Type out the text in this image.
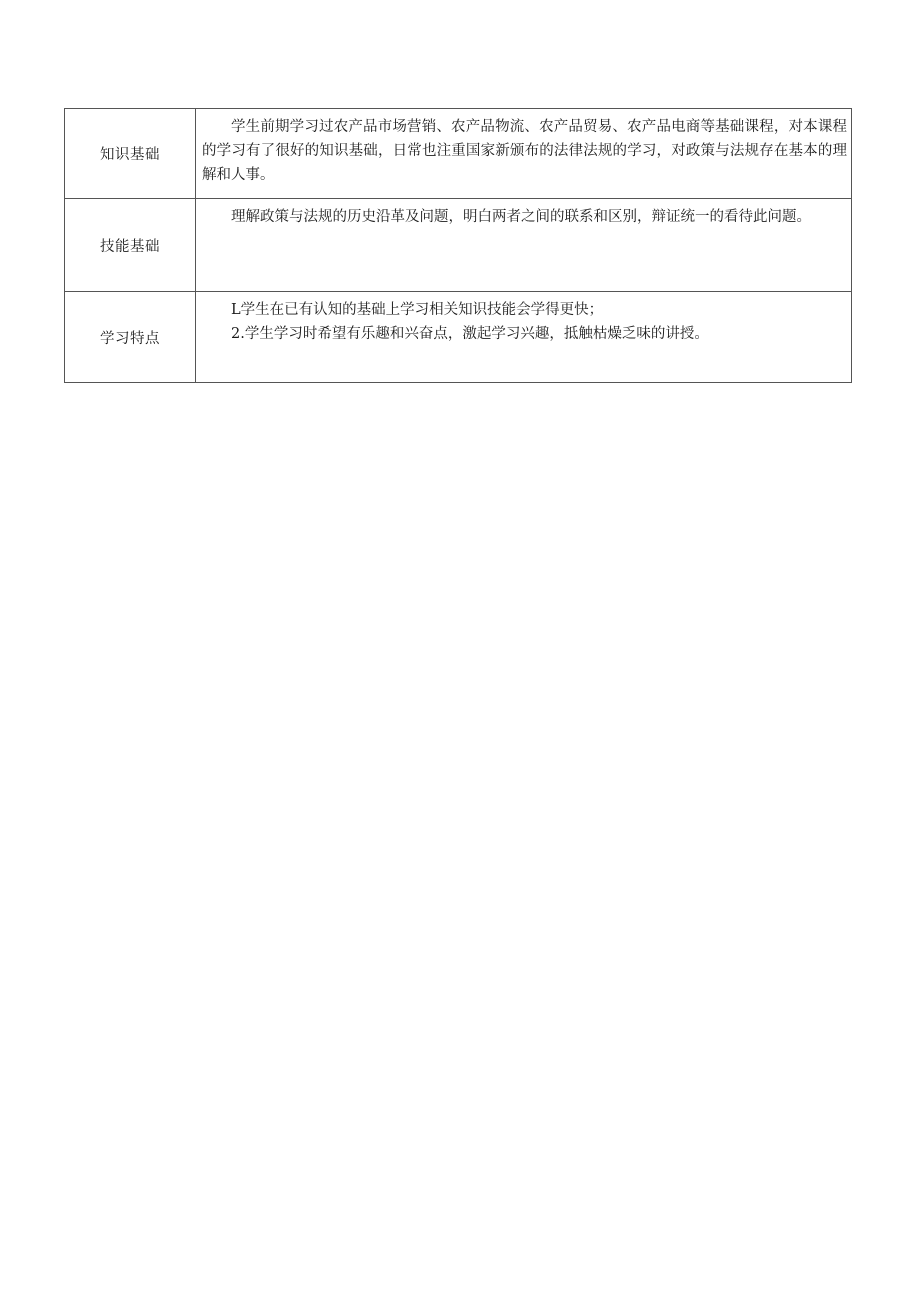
知识基础	学生前期学习过农产品市场营销、农产品物流、农产品贸易、农产品电商等基础课程，对本课程的学习有了很好的知识基础，日常也注重国家新颁布的法律法规的学习，对政策与法规存在基本的理解和人事。

技能基础	理解政策与法规的历史沿革及问题，明白两者之间的联系和区别，辩证统一的看待此问题。

学习特点	L学生在已有认知的基础上学习相关知识技能会学得更快；

2.学生学习时希望有乐趣和兴奋点，激起学习兴趣，抵触枯燥乏味的讲授。
